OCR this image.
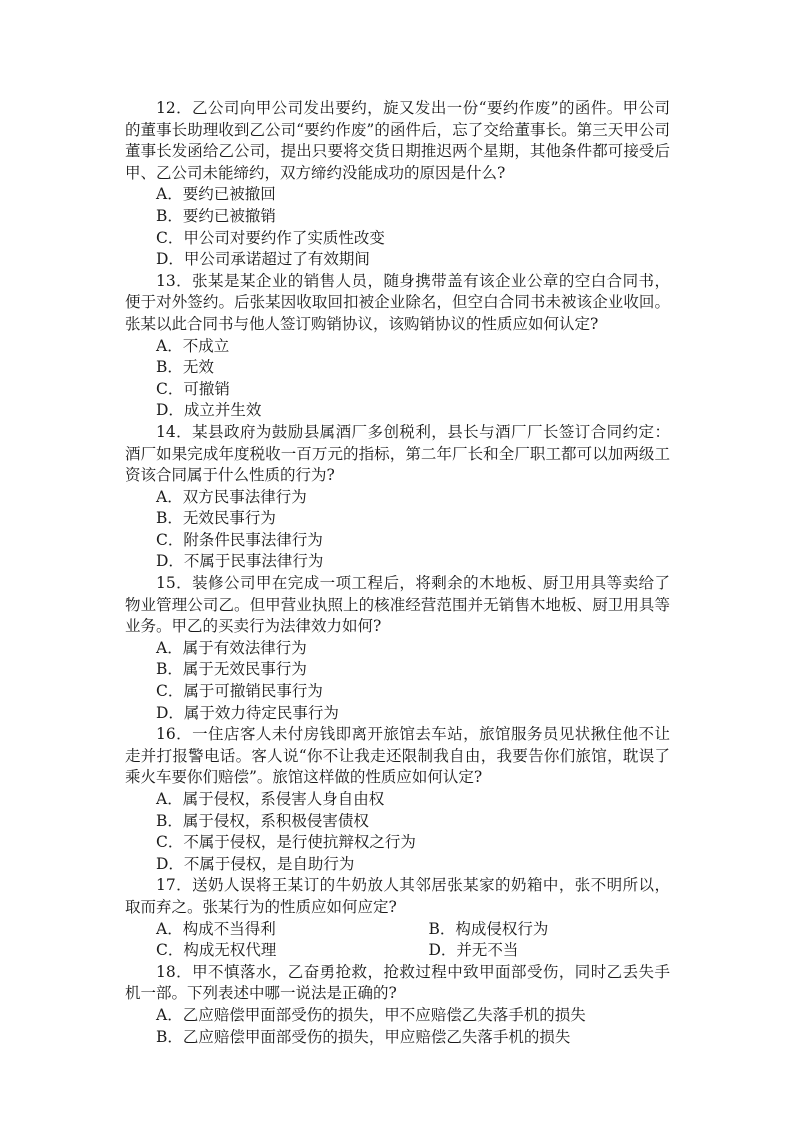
12．乙公司向甲公司发出要约，旋又发出一份“要约作废”的函件。甲公司的董事长助理收到乙公司“要约作废”的函件后，忘了交给董事长。第三天甲公司董事长发函给乙公司，提出只要将交货日期推迟两个星期，其他条件都可接受后甲、乙公司未能缔约，双方缔约没能成功的原因是什么?

A．要约已被撤回

B．要约已被撤销

C．甲公司对要约作了实质性改变

D．甲公司承诺超过了有效期间

13．张某是某企业的销售人员，随身携带盖有该企业公章的空白合同书，便于对外签约。后张某因收取回扣被企业除名，但空白合同书未被该企业收回。张某以此合同书与他人签订购销协议，该购销协议的性质应如何认定?

A．不成立

B．无效

C．可撤销

D．成立并生效

14．某县政府为鼓励县属酒厂多创税利，县长与酒厂厂长签订合同约定：酒厂如果完成年度税收一百万元的指标，第二年厂长和全厂职工都可以加两级工资该合同属于什么性质的行为?

A．双方民事法律行为

B．无效民事行为

C．附条件民事法律行为

D．不属于民事法律行为

15．装修公司甲在完成一项工程后，将剩余的木地板、厨卫用具等卖给了物业管理公司乙。但甲营业执照上的核准经营范围并无销售木地板、厨卫用具等业务。甲乙的买卖行为法律效力如何?

A．属于有效法律行为

B．属于无效民事行为

C．属于可撤销民事行为

D．属于效力待定民事行为

16．一住店客人未付房钱即离开旅馆去车站，旅馆服务员见状揪住他不让走并打报警电话。客人说“你不让我走还限制我自由，我要告你们旅馆，耽误了乘火车要你们赔偿”。旅馆这样做的性质应如何认定?

A．属于侵权，系侵害人身自由权

B．属于侵权，系积极侵害债权

C．不属于侵权，是行使抗辩权之行为

D．不属于侵权，是自助行为

17．送奶人误将王某订的牛奶放人其邻居张某家的奶箱中，张不明所以，取而弃之。张某行为的性质应如何应定?

A．构成不当得利	B．构成侵权行为

C．构成无权代理	D．并无不当

18．甲不慎落水，乙奋勇抢救，抢救过程中致甲面部受伤，同时乙丢失手机一部。下列表述中哪一说法是正确的?

A．乙应赔偿甲面部受伤的损失，甲不应赔偿乙失落手机的损失

B．乙应赔偿甲面部受伤的损失，甲应赔偿乙失落手机的损失
